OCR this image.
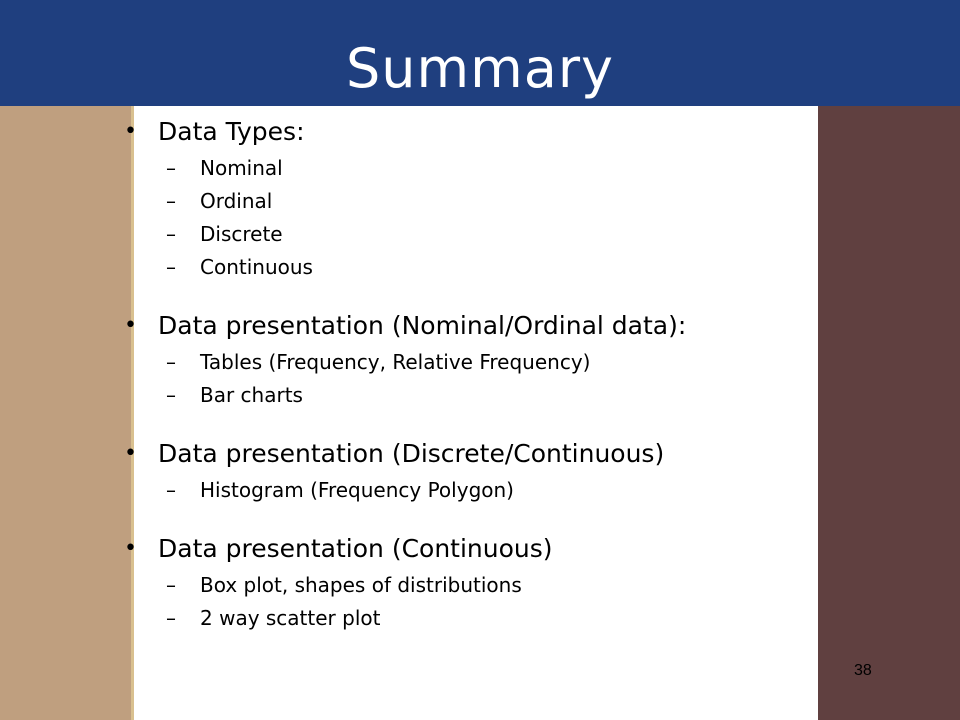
Summary
• Data Types:
– Nominal
– Ordinal
– Discrete
– Continuous
• Data presentation (Nominal/Ordinal data):
– Tables (Frequency, Relative Frequency)
– Bar charts
• Data presentation (Discrete/Continuous)
– Histogram (Frequency Polygon)
• Data presentation (Continuous)
– Box plot, shapes of distributions
– 2 way scatter plot
38
